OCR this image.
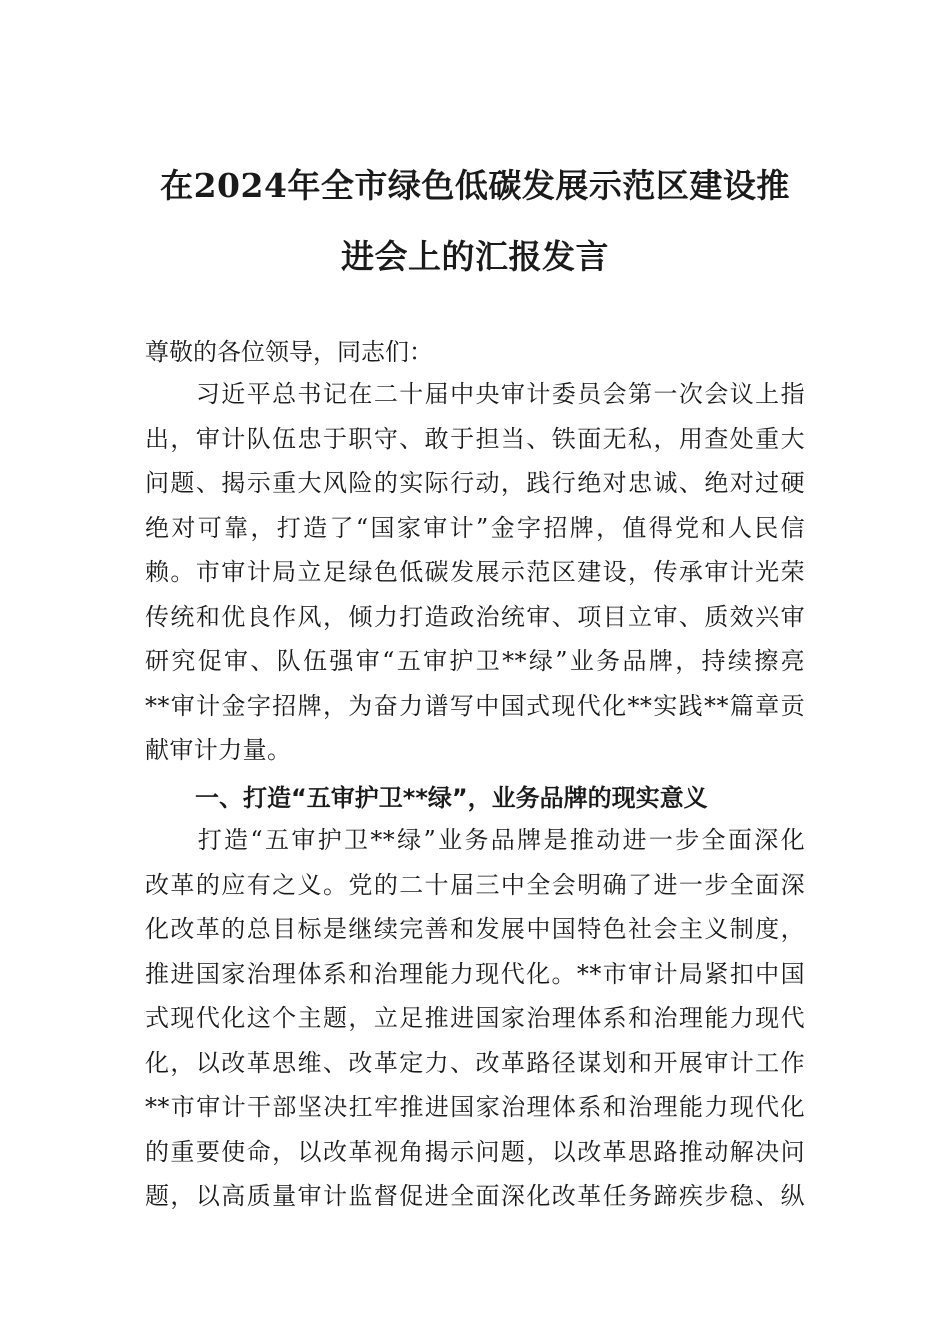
在2024年全市绿色低碳发展示范区建设推
进会上的汇报发言
尊敬的各位领导，同志们：
　　习近平总书记在二十届中央审计委员会第一次会议上指
出，审计队伍忠于职守、敢于担当、铁面无私，用查处重大
问题、揭示重大风险的实际行动，践行绝对忠诚、绝对过硬
绝对可靠，打造了“国家审计”金字招牌，值得党和人民信
赖。市审计局立足绿色低碳发展示范区建设，传承审计光荣
传统和优良作风，倾力打造政治统审、项目立审、质效兴审
研究促审、队伍强审“五审护卫**绿”业务品牌，持续擦亮
**审计金字招牌，为奋力谱写中国式现代化**实践**篇章贡
献审计力量。
一、打造“五审护卫**绿”，业务品牌的现实意义
　　打造“五审护卫**绿”业务品牌是推动进一步全面深化
改革的应有之义。党的二十届三中全会明确了进一步全面深
化改革的总目标是继续完善和发展中国特色社会主义制度，
推进国家治理体系和治理能力现代化。**市审计局紧扣中国
式现代化这个主题，立足推进国家治理体系和治理能力现代
化，以改革思维、改革定力、改革路径谋划和开展审计工作
**市审计干部坚决扛牢推进国家治理体系和治理能力现代化
的重要使命，以改革视角揭示问题，以改革思路推动解决问
题，以高质量审计监督促进全面深化改革任务蹄疾步稳、纵
